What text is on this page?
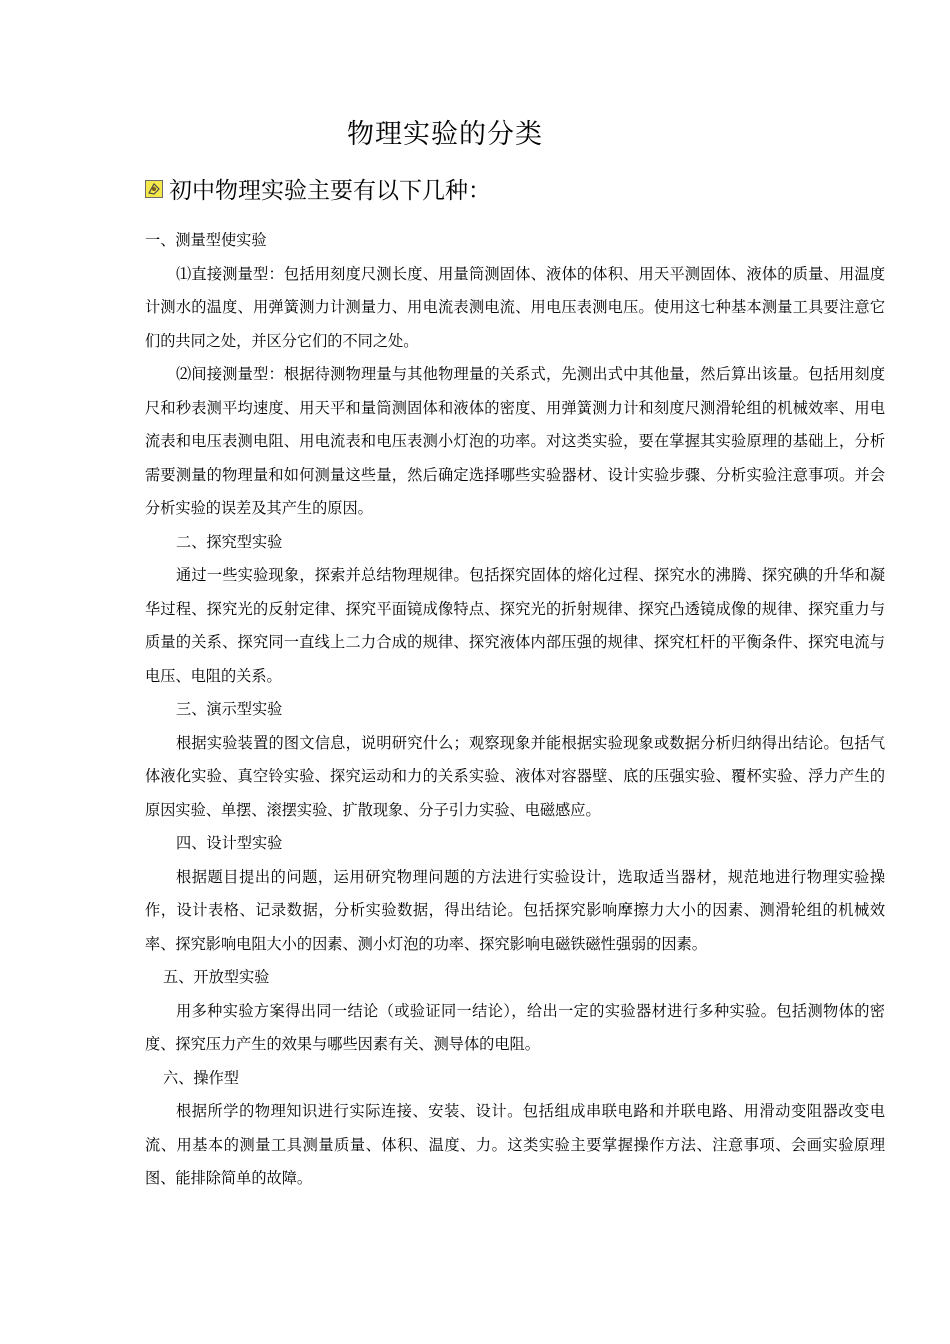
物理实验的分类
初中物理实验主要有以下几种：

一、测量型使实验

⑴直接测量型：包括用刻度尺测长度、用量筒测固体、液体的体积、用天平测固体、液体的质量、用温度计测水的温度、用弹簧测力计测量力、用电流表测电流、用电压表测电压。使用这七种基本测量工具要注意它们的共同之处，并区分它们的不同之处。

⑵间接测量型：根据待测物理量与其他物理量的关系式，先测出式中其他量，然后算出该量。包括用刻度尺和秒表测平均速度、用天平和量筒测固体和液体的密度、用弹簧测力计和刻度尺测滑轮组的机械效率、用电流表和电压表测电阻、用电流表和电压表测小灯泡的功率。对这类实验，要在掌握其实验原理的基础上，分析需要测量的物理量和如何测量这些量，然后确定选择哪些实验器材、设计实验步骤、分析实验注意事项。并会分析实验的误差及其产生的原因。

二、探究型实验

通过一些实验现象，探索并总结物理规律。包括探究固体的熔化过程、探究水的沸腾、探究碘的升华和凝华过程、探究光的反射定律、探究平面镜成像特点、探究光的折射规律、探究凸透镜成像的规律、探究重力与质量的关系、探究同一直线上二力合成的规律、探究液体内部压强的规律、探究杠杆的平衡条件、探究电流与电压、电阻的关系。

三、演示型实验

根据实验装置的图文信息，说明研究什么；观察现象并能根据实验现象或数据分析归纳得出结论。包括气体液化实验、真空铃实验、探究运动和力的关系实验、液体对容器壁、底的压强实验、覆杯实验、浮力产生的原因实验、单摆、滚摆实验、扩散现象、分子引力实验、电磁感应。

四、设计型实验

根据题目提出的问题，运用研究物理问题的方法进行实验设计，选取适当器材，规范地进行物理实验操作，设计表格、记录数据，分析实验数据，得出结论。包括探究影响摩擦力大小的因素、测滑轮组的机械效率、探究影响电阻大小的因素、测小灯泡的功率、探究影响电磁铁磁性强弱的因素。

五、开放型实验

用多种实验方案得出同一结论（或验证同一结论），给出一定的实验器材进行多种实验。包括测物体的密度、探究压力产生的效果与哪些因素有关、测导体的电阻。

六、操作型

根据所学的物理知识进行实际连接、安装、设计。包括组成串联电路和并联电路、用滑动变阻器改变电流、用基本的测量工具测量质量、体积、温度、力。这类实验主要掌握操作方法、注意事项、会画实验原理图、能排除简单的故障。
